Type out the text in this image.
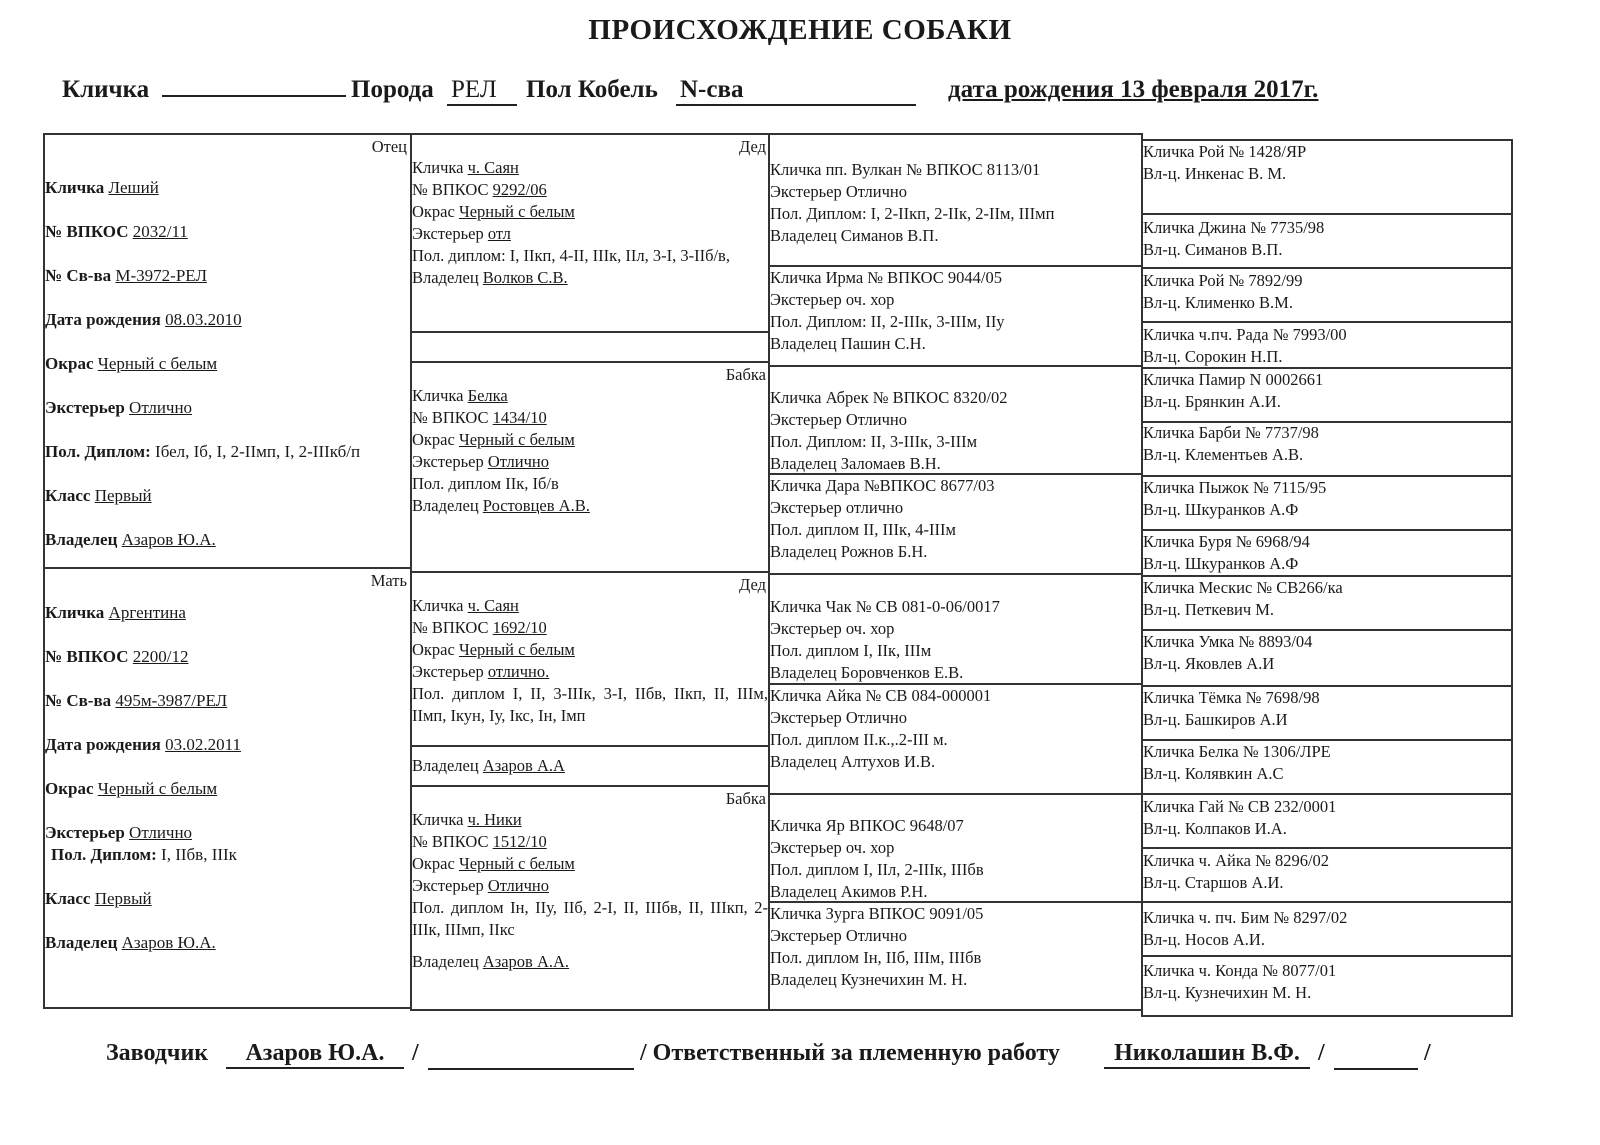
ПРОИСХОЖДЕНИЕ СОБАКИ
Кличка	Порода РЕЛ	Пол Кобель N-сва	дата рождения 13 февраля 2017г.
Отец
Кличка Леший
№ ВПКОС 2032/11
№ Св-ва М-3972-РЕЛ
Дата рождения 08.03.2010
Окрас Черный с белым
Экстерьер Отлично
Пол. Диплом: Iбел, Iб, I, 2-IIмп, I, 2-IIIкб/п
Класс Первый
Владелец Азаров Ю.А.
Мать
Кличка Аргентина
№ ВПКОС 2200/12
№ Св-ва 495м-3987/РЕЛ
Дата рождения 03.02.2011
Окрас Черный с белым
Экстерьер Отлично
Пол. Диплом: I, IIбв, IIIк
Класс Первый
Владелец Азаров Ю.А.
Дед
Кличка ч. Саян
№ ВПКОС 9292/06
Окрас Черный с белым
Экстерьер отл
Пол. диплом: I, IIкп, 4-II, IIIк, IIл, 3-I, 3-IIб/в,
Владелец Волков С.В.
Бабка
Кличка Белка
№ ВПКОС 1434/10
Окрас Черный с белым
Экстерьер Отлично
Пол. диплом IIк, Iб/в
Владелец Ростовцев А.В.
Дед
Кличка ч. Саян
№ ВПКОС 1692/10
Окрас Черный с белым
Экстерьер отлично.
Пол. диплом I, II, 3-IIIк, 3-I, IIбв, IIкп, II, IIIм, IIмп, Iкун, Iу, Iкс, Iн, Iмп
Владелец Азаров А.А
Бабка
Кличка ч. Ники
№ ВПКОС 1512/10
Окрас Черный с белым
Экстерьер Отлично
Пол. диплом Iн, IIу, IIб, 2-I, II, IIIбв, II, IIIкп, 2-IIIк, IIIмп, IIкс
Владелец Азаров А.А.
Кличка пп. Вулкан № ВПКОС 8113/01
Экстерьер Отлично
Пол. Диплом: I, 2-IIкп, 2-IIк, 2-IIм, IIIмп
Владелец Симанов В.П.
Кличка Ирма № ВПКОС 9044/05
Экстерьер оч. хор
Пол. Диплом: II, 2-IIIк, 3-IIIм, IIу
Владелец Пашин С.Н.
Кличка Абрек № ВПКОС 8320/02
Экстерьер Отлично
Пол. Диплом: II, 3-IIIк, 3-IIIм
Владелец Заломаев В.Н.
Кличка Дара №ВПКОС 8677/03
Экстерьер отлично
Пол. диплом II, IIIк, 4-IIIм
Владелец Рожнов Б.Н.
Кличка Чак № СВ 081-0-06/0017
Экстерьер оч. хор
Пол. диплом I, IIк, IIIм
Владелец Боровченков Е.В.
Кличка Айка № СВ 084-000001
Экстерьер Отлично
Пол. диплом II.к.,.2-III м.
Владелец Алтухов И.В.
Кличка Яр ВПКОС 9648/07
Экстерьер оч. хор
Пол. диплом I, IIл, 2-IIIк, IIIбв
Владелец Акимов Р.Н.
Кличка Зурга ВПКОС 9091/05
Экстерьер Отлично
Пол. диплом Iн, IIб, IIIм, IIIбв
Владелец Кузнечихин М. Н.
Кличка Рой № 1428/ЯР
Вл-ц. Инкенас В. М.
Кличка Джина № 7735/98
Вл-ц. Симанов В.П.
Кличка Рой № 7892/99
Вл-ц. Клименко В.М.
Кличка ч.пч. Рада № 7993/00
Вл-ц. Сорокин Н.П.
Кличка Памир N 0002661
Вл-ц. Брянкин А.И.
Кличка Барби № 7737/98
Вл-ц. Клементьев А.В.
Кличка Пыжок № 7115/95
Вл-ц. Шкуранков А.Ф
Кличка Буря № 6968/94
Вл-ц. Шкуранков А.Ф
Кличка Мескис № СВ266/ка
Вл-ц. Петкевич М.
Кличка Умка № 8893/04
Вл-ц. Яковлев А.И
Кличка Тёмка № 7698/98
Вл-ц. Башкиров А.И
Кличка Белка № 1306/ЛРЕ
Вл-ц. Колявкин А.С
Кличка Гай № СВ 232/0001
Вл-ц. Колпаков И.А.
Кличка ч. Айка № 8296/02
Вл-ц. Старшов А.И.
Кличка ч. пч. Бим № 8297/02
Вл-ц. Носов А.И.
Кличка ч. Конда № 8077/01
Вл-ц. Кузнечихин М. Н.
Заводчик	Азаров Ю.А.	/	/ Ответственный за племенную работу	Николашин В.Ф. /	/
